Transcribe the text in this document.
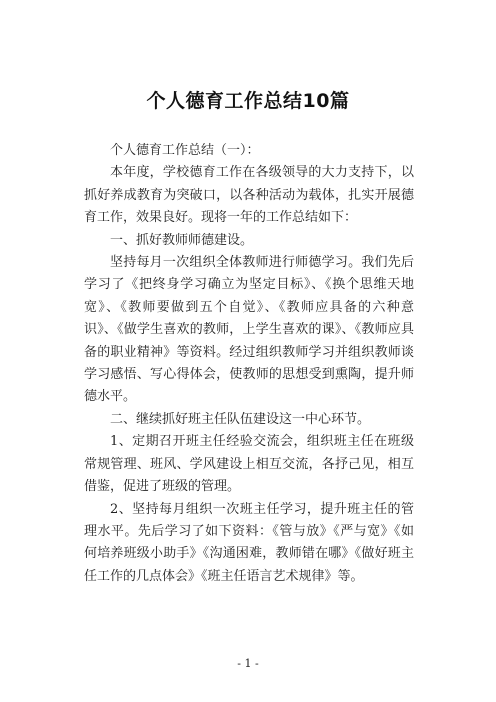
个人德育工作总结10篇

个人德育工作总结（一）：

本年度，学校德育工作在各级领导的大力支持下，以抓好养成教育为突破口，以各种活动为载体，扎实开展德育工作，效果良好。现将一年的工作总结如下：

一、抓好教师师德建设。

坚持每月一次组织全体教师进行师德学习。我们先后学习了《把终身学习确立为坚定目标》、《换个思维天地宽》、《教师要做到五个自觉》、《教师应具备的六种意识》、《做学生喜欢的教师，上学生喜欢的课》、《教师应具备的职业精神》等资料。经过组织教师学习并组织教师谈学习感悟、写心得体会，使教师的思想受到熏陶，提升师德水平。

二、继续抓好班主任队伍建设这一中心环节。

1、定期召开班主任经验交流会，组织班主任在班级常规管理、班风、学风建设上相互交流，各抒己见，相互借鉴，促进了班级的管理。

2、坚持每月组织一次班主任学习，提升班主任的管理水平。先后学习了如下资料：《管与放》《严与宽》《如何培养班级小助手》《沟通困难，教师错在哪》《做好班主任工作的几点体会》《班主任语言艺术规律》等。

- 1 -
